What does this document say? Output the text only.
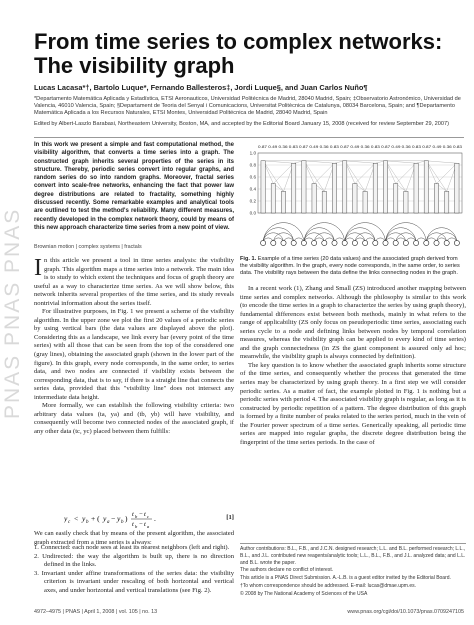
PNAS PNAS PNAS
From time series to complex networks:
The visibility graph
Lucas Lacasa*†, Bartolo Luque*, Fernando Ballesteros‡, Jordi Luque§, and Juan Carlos Nuño¶
*Departamento Matemática Aplicada y Estadística, ETSI Aeronauticos, Universidad Politécnica de Madrid, 28040 Madrid, Spain; ‡Observatorio Astronómico, Universidad de Valencia, 46010 Valencia, Spain; §Departament de Teoria del Senyal i Comunicacions, Universitat Politècnica de Catalunya, 08034 Barcelona, Spain; and ¶Departamento Matemática Aplicada a los Recursos Naturales, ETSI Montes, Universidad Politécnica de Madrid, 28040 Madrid, Spain
Edited by Albert-Laszlo Barabasi, Northeastern University, Boston, MA, and accepted by the Editorial Board January 15, 2008 (received for review September 29, 2007)
In this work we present a simple and fast computational method, the visibility algorithm, that converts a time series into a graph. The constructed graph inherits several properties of the series in its structure. Thereby, periodic series convert into regular graphs, and random series do so into random graphs. Moreover, fractal series convert into scale-free networks, enhancing the fact that power law degree distributions are related to fractality, something highly discussed recently. Some remarkable examples and analytical tools are outlined to test the method's reliability. Many different measures, recently developed in the complex network theory, could by means of this new approach characterize time series from a new point of view.
Brownian motion | complex systems | fractals

In this article we present a tool in time series analysis: the visibility graph. This algorithm maps a time series into a network. The main idea is to study to which extent the techniques and focus of graph theory are useful as a way to characterize time series. As we will show below, this network inherits several properties of the time series, and its study reveals nontrivial information about the series itself.

For illustrative purposes, in Fig. 1 we present a scheme of the visibility algorithm. In the upper zone we plot the first 20 values of a periodic series by using vertical bars (the data values are displayed above the plot). Considering this as a landscape, we link every bar (every point of the time series) with all those that can be seen from the top of the considered one (gray lines), obtaining the associated graph (shown in the lower part of the figure). In this graph, every node corresponds, in the same order, to series data, and two nodes are connected if visibility exists between the corresponding data, that is to say, if there is a straight line that connects the series data, provided that this "visibility line" does not intersect any intermediate data height.

More formally, we can establish the following visibility criteria: two arbitrary data values (ta, ya) and (tb, yb) will have visibility, and consequently will become two connected nodes of the associated graph, if any other data (tc, yc) placed between them fulfills:

y c < y b + ( y a − y b ) t b − t c
t b − t a
.	[1]

We can easily check that by means of the present algorithm, the associated graph extracted from a time series is always:

1. Connected: each node sees at least its nearest neighbors (left and right).
2. Undirected: the way the algorithm is built up, there is no direction defined in the links.
3. Invariant under affine transformations of the series data: the visibility criterion is invariant under rescaling of both horizontal and vertical axes, and under horizontal and vertical translations (see Fig. 2).
0.87 0.49 0.36 0.83 0.87 0.49 0.36 0.83 0.87 0.49 0.36 0.83 0.87 0.49 0.36 0.83 0.87 0.49 0.36 0.83
1.0
0.8
0.6
0.4
0.2
0.0
Fig. 1. Example of a time series (20 data values) and the associated graph derived from the visibility algorithm. In the graph, every node corresponds, in the same order, to series data. The visibility rays between the data define the links connecting nodes in the graph.

In a recent work (1), Zhang and Small (ZS) introduced another mapping between time series and complex networks. Although the philosophy is similar to this work (to encode the time series in a graph to characterize the series by using graph theory), fundamental differences exist between both methods, mainly in what refers to the range of applicability (ZS only focus on pseudoperiodic time series, associating each series cycle to a node and defining links between nodes by temporal correlation measures, whereas the visibility graph can be applied to every kind of time series) and the graph connectedness (in ZS the giant component is assured only ad hoc; meanwhile, the visibility graph is always connected by definition).

The key question is to know whether the associated graph inherits some structure of the time series, and consequently whether the process that generated the time series may be characterized by using graph theory. In a first step we will consider periodic series. As a matter of fact, the example plotted in Fig. 1 is nothing but a periodic series with period 4. The associated visibility graph is regular, as long as it is constructed by periodic repetition of a pattern. The degree distribution of this graph is formed by a finite number of peaks related to the series period, much in the vein of the Fourier power spectrum of a time series. Generically speaking, all periodic time series are mapped into regular graphs, the discrete degree distribution being the fingerprint of the time series periods. In the case of

Author contributions: B.L., F.B., and J.C.N. designed research; L.L. and B.L. performed research; L.L., B.L., and J.L. contributed new reagents/analytic tools; L.L., B.L., F.B., and J.L. analyzed data; and L.L. and B.L. wrote the paper.
The authors declare no conflict of interest.
This article is a PNAS Direct Submission. A.-L.B. is a guest editor invited by the Editorial Board.
†To whom correspondence should be addressed. E-mail: lucas@dmae.upm.es.
© 2008 by The National Academy of Sciences of the USA
4972–4975 | PNAS | April 1, 2008 | vol. 105 | no. 13	www.pnas.org/cgi/doi/10.1073/pnas.0709247105
